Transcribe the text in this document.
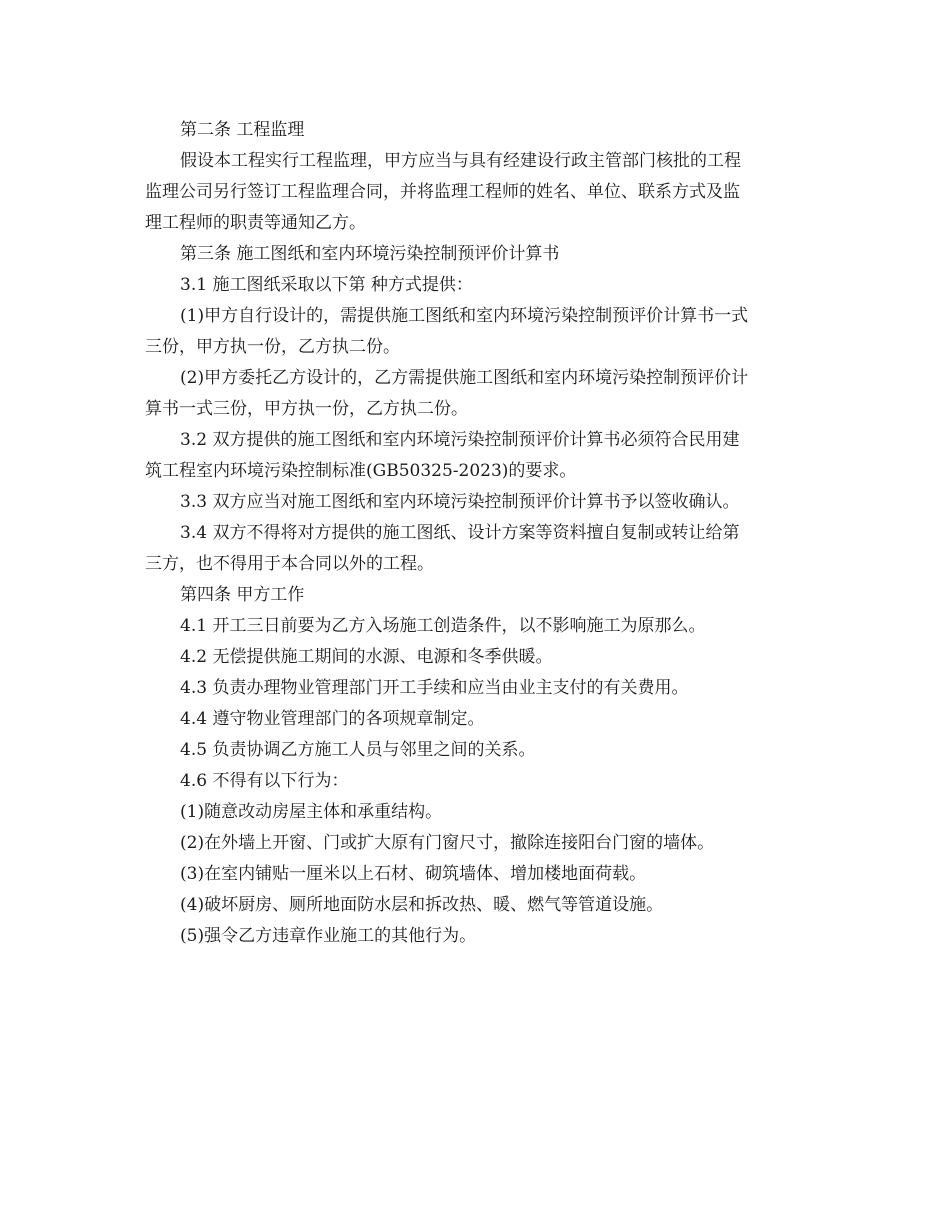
第二条 工程监理
假设本工程实行工程监理，甲方应当与具有经建设行政主管部门核批的工程
监理公司另行签订工程监理合同，并将监理工程师的姓名、单位、联系方式及监
理工程师的职责等通知乙方。
第三条 施工图纸和室内环境污染控制预评价计算书
3.1 施工图纸采取以下第 种方式提供：
(1)甲方自行设计的，需提供施工图纸和室内环境污染控制预评价计算书一式
三份，甲方执一份，乙方执二份。
(2)甲方委托乙方设计的，乙方需提供施工图纸和室内环境污染控制预评价计
算书一式三份，甲方执一份，乙方执二份。
3.2 双方提供的施工图纸和室内环境污染控制预评价计算书必须符合民用建
筑工程室内环境污染控制标准(GB50325-2023)的要求。
3.3 双方应当对施工图纸和室内环境污染控制预评价计算书予以签收确认。
3.4 双方不得将对方提供的施工图纸、设计方案等资料擅自复制或转让给第
三方，也不得用于本合同以外的工程。
第四条 甲方工作
4.1 开工三日前要为乙方入场施工创造条件，以不影响施工为原那么。
4.2 无偿提供施工期间的水源、电源和冬季供暖。
4.3 负责办理物业管理部门开工手续和应当由业主支付的有关费用。
4.4 遵守物业管理部门的各项规章制定。
4.5 负责协调乙方施工人员与邻里之间的关系。
4.6 不得有以下行为：
(1)随意改动房屋主体和承重结构。
(2)在外墙上开窗、门或扩大原有门窗尺寸，撤除连接阳台门窗的墙体。
(3)在室内铺贴一厘米以上石材、砌筑墙体、增加楼地面荷载。
(4)破坏厨房、厕所地面防水层和拆改热、暖、燃气等管道设施。
(5)强令乙方违章作业施工的其他行为。
